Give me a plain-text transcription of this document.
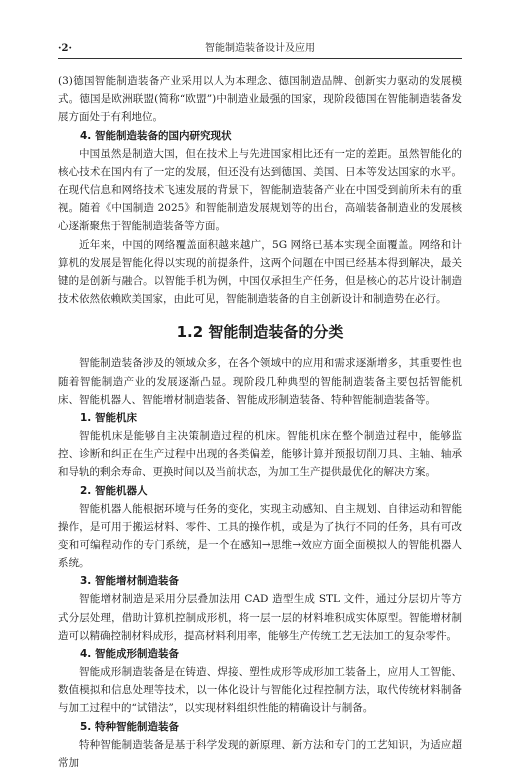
·2·	智能制造装备设计及应用

(3)德国智能制造装备产业采用以人为本理念、德国制造品牌、创新实力驱动的发展模式。德国是欧洲联盟(简称“欧盟”)中制造业最强的国家，现阶段德国在智能制造装备发展方面处于有利地位。

4. 智能制造装备的国内研究现状

中国虽然是制造大国，但在技术上与先进国家相比还有一定的差距。虽然智能化的核心技术在国内有了一定的发展，但还没有达到德国、美国、日本等发达国家的水平。在现代信息和网络技术飞速发展的背景下，智能制造装备产业在中国受到前所未有的重视。随着《中国制造 2025》和智能制造发展规划等的出台，高端装备制造业的发展核心逐渐聚焦于智能制造装备等方面。

近年来，中国的网络覆盖面积越来越广，5G 网络已基本实现全面覆盖。网络和计算机的发展是智能化得以实现的前提条件，这两个问题在中国已经基本得到解决，最关键的是创新与融合。以智能手机为例，中国仅承担生产任务，但是核心的芯片设计制造技术依然依赖欧美国家，由此可见，智能制造装备的自主创新设计和制造势在必行。

1.2 智能制造装备的分类

智能制造装备涉及的领域众多，在各个领域中的应用和需求逐渐增多，其重要性也随着智能制造产业的发展逐渐凸显。现阶段几种典型的智能制造装备主要包括智能机床、智能机器人、智能增材制造装备、智能成形制造装备、特种智能制造装备等。

1. 智能机床

智能机床是能够自主决策制造过程的机床。智能机床在整个制造过程中，能够监控、诊断和纠正在生产过程中出现的各类偏差，能够计算并预报切削刀具、主轴、轴承和导轨的剩余寿命、更换时间以及当前状态，为加工生产提供最优化的解决方案。

2. 智能机器人

智能机器人能根据环境与任务的变化，实现主动感知、自主规划、自律运动和智能操作，是可用于搬运材料、零件、工具的操作机，或是为了执行不同的任务，具有可改变和可编程动作的专门系统，是一个在感知→思维→效应方面全面模拟人的智能机器人系统。

3. 智能增材制造装备

智能增材制造是采用分层叠加法用 CAD 造型生成 STL 文件，通过分层切片等方式分层处理，借助计算机控制成形机，将一层一层的材料堆积成实体原型。智能增材制造可以精确控制材料成形，提高材料利用率，能够生产传统工艺无法加工的复杂零件。

4. 智能成形制造装备

智能成形制造装备是在铸造、焊接、塑性成形等成形加工装备上，应用人工智能、数值模拟和信息处理等技术，以一体化设计与智能化过程控制方法，取代传统材料制备与加工过程中的“试错法”，以实现材料组织性能的精确设计与制备。

5. 特种智能制造装备

特种智能制造装备是基于科学发现的新原理、新方法和专门的工艺知识，为适应超常加
